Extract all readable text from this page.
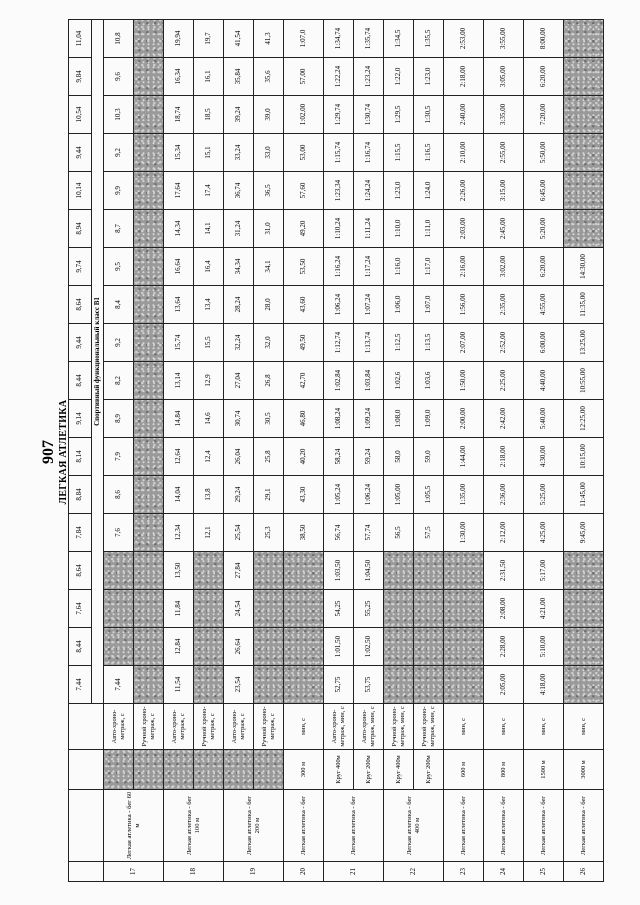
907 ЛЕГКАЯ АТЛЕТИКА
				7,44	8,44	7,64	8,64	7,84	8,84	8,14	9,14	8,44	9,44	8,64	9,74	8,94	10,14	9,44	10,54	9,84	11,04
				Спортивный функциональный класс В1																	
17	Легкая атлетика - бег 60 м		Авто-хроно-метраж, с	7,44				7,6	8,6	7,9	8,9	8,2	9,2	8,4	9,5	8,7	9,9	9,2	10,3	9,6	10,8
			Ручной хроно-метраж, с																		
18	Легкая атлетика - бег 100 м		Авто-хроно-метраж, с	11,54	12,84	11,84	13,50	12,34	14,04	12,64	14,84	13,14	15,74	13,64	16,64	14,34	17,64	15,34	18,74	16,34	19,94
			Ручной хроно-метраж, с					12,1	13,8	12,4	14,6	12,9	15,5	13,4	16,4	14,1	17,4	15,1	18,5	16,1	19,7
19	Легкая атлетика - бег 200 м		Авто-хроно-метраж, с	23,54	26,64	24,54	27,84	25,54	29,24	26,04	30,74	27,04	32,24	28,24	34,34	31,24	36,74	33,24	39,24	35,84	41,54
			Ручной хроно-метраж, с					25,3	29,1	25,8	30,5	26,8	32,0	28,0	34,1	31,0	36,5	33,0	39,0	35,6	41,3
20	Легкая атлетика - бег	300 м	мин, с					38,50	43,30	40,20	46,80	42,70	49,50	43,60	53,50	49,20	57,60	53,00	1:02,00	57,00	1:07,0
21	Легкая атлетика - бег	Круг 400м	Авто-хроно-метраж, мин, с	52,75	1:01,50	54,25	1:03,50	56,74	1:05,24	58,24	1:08,24	1:02,84	1:12,74	1:06,24	1:16,24	1:10,24	1:23,34	1:15,74	1:29,74	1:22,24	1:34,74
		Круг 200м	Авто-хроно-метраж, мин, с	53,75	1:02,50	55,25	1:04,50	57,74	1:06,24	59,24	1:09,24	1:03,84	1:13,74	1:07,24	1:17,24	1:11,24	1:24,24	1:16,74	1:30,74	1:23,24	1:35,74
22	Легкая атлетика - бег 400 м	Круг 400м	Ручной хроно-метраж, мин, с					56,5	1:05,00	58,0	1:08,0	1:02,6	1:12,5	1:06,0	1:16,0	1:10,0	1:23,0	1:15,5	1:29,5	1:22,0	1:34,5
		Круг 200м	Ручной хроно-метраж, мин, с					57,5	1:05,5	59,0	1:09,0	1:03,6	1:13,5	1:07,0	1:17,0	1:11,0	1:24,0	1:16,5	1:30,5	1:23,0	1:35,5
23	Легкая атлетика - бег	600 м	мин, с					1:30,00	1:35,00	1:44,00	2:00,00	1:50,00	2:07,00	1:56,00	2:16,00	2:03,00	2:26,00	2:10,00	2:40,00	2:18,00	2:53,00
24	Легкая атлетика - бег	800 м	мин, с	2:05,00	2:28,00	2:08,00	2:31,50	2:12,00	2:36,00	2:18,00	2:42,00	2:25,00	2:52,00	2:35,00	3:02,00	2:45,00	3:15,00	2:55,00	3:35,00	3:05,00	3:55,00
25	Легкая атлетика - бег	1500 м	мин, с	4:18,00	5:10,00	4:21,00	5:17,00	4:25,00	5:25,00	4:30,00	5:40,00	4:40,00	6:00,00	4:55,00	6:20,00	5:20,00	6:45,00	5:50,00	7:20,00	6:20,00	8:00,00
26	Легкая атлетика - бег	3000 м	мин, с					9:45,00	11:45,00	10:15,00	12:25,00	10:55,00	13:25,00	11:35,00	14:30,00						
